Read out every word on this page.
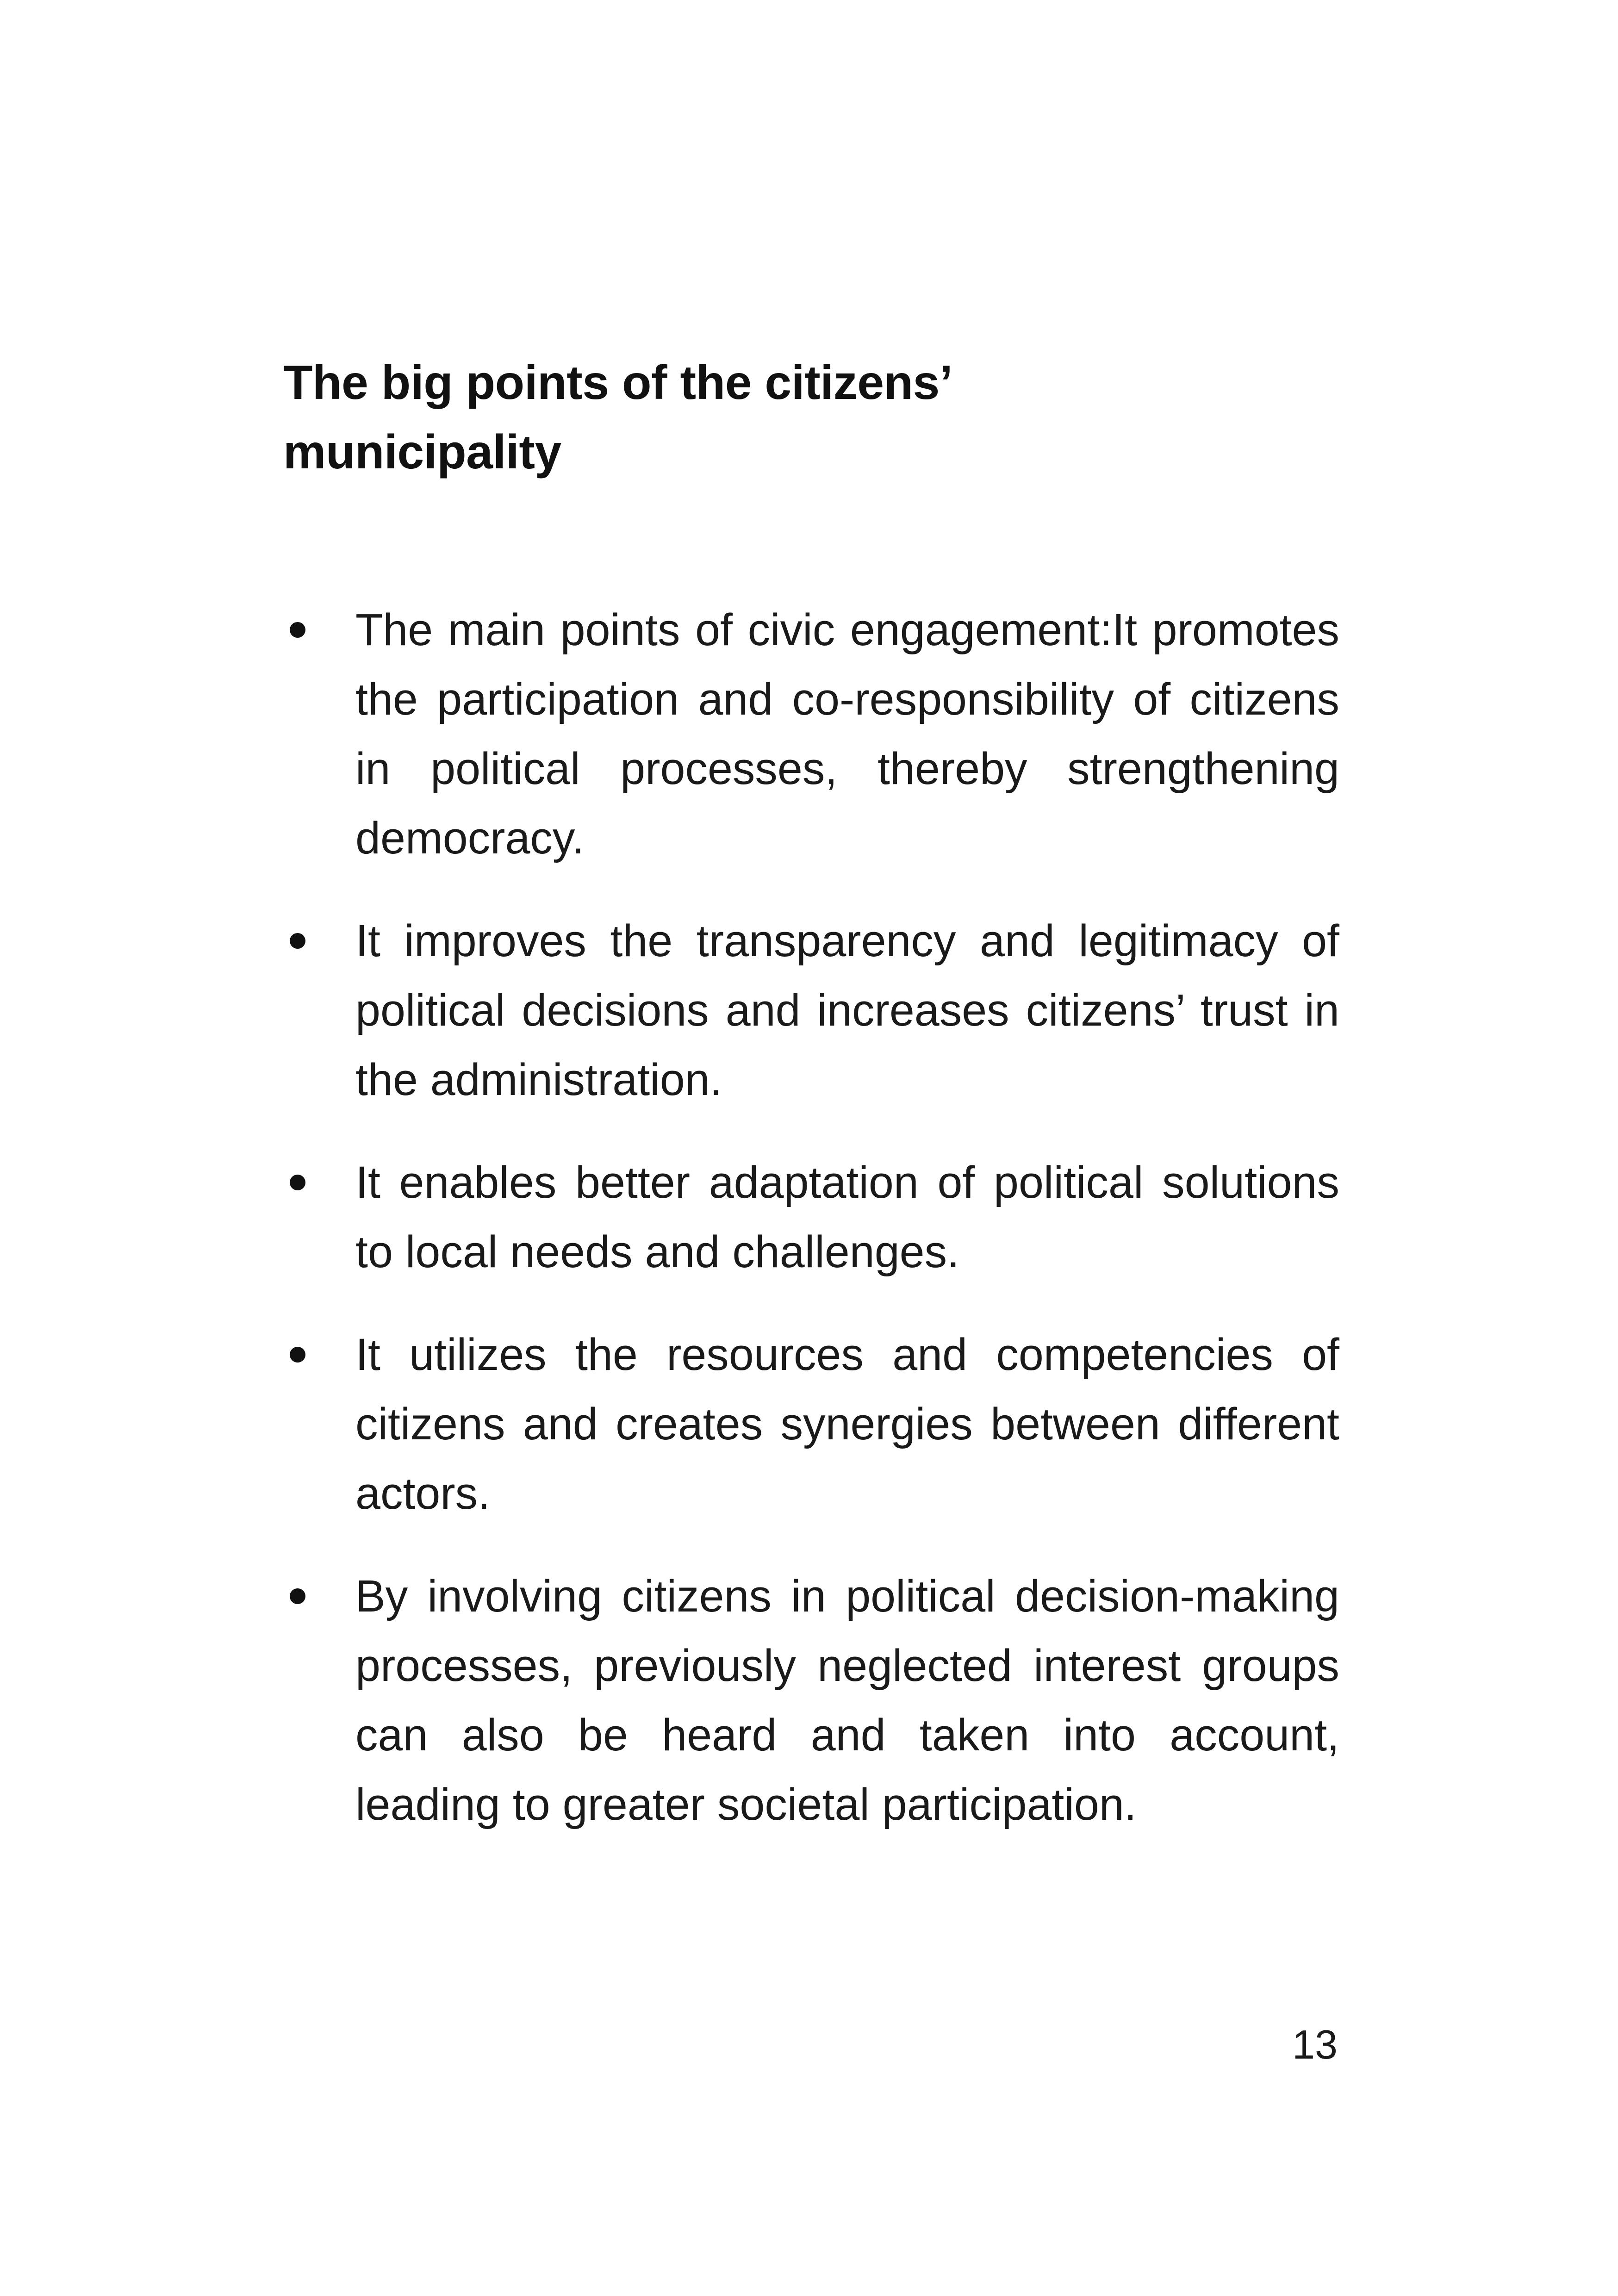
The big points of the citizens’
municipality
The main points of civic engagement:It promotes the participation and co-responsibility of citizens in political processes, thereby strengthening democracy.
It improves the transparency and legitimacy of political decisions and increases citizens’ trust in the administration.
It enables better adaptation of political solutions to local needs and challenges.
It utilizes the resources and competencies of citizens and creates synergies between different actors.
By involving citizens in political decision-making processes, previously neglected interest groups can also be heard and taken into account, leading to greater societal participation.
13
